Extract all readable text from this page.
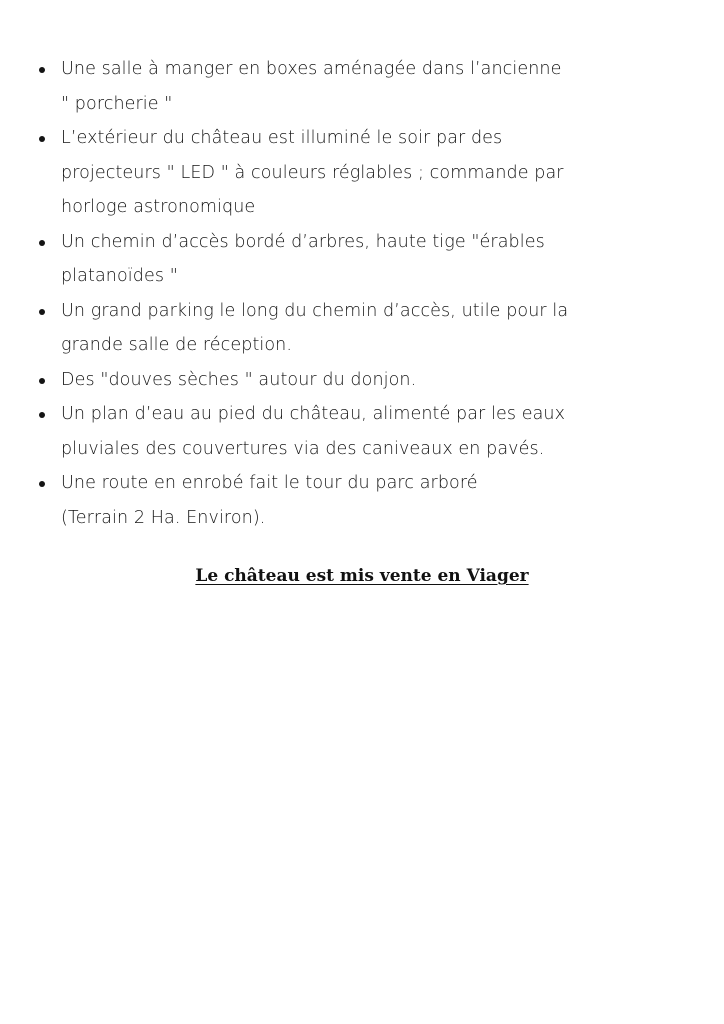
Une salle à manger en boxes aménagée dans l’ancienne
" porcherie "
L’extérieur du château est illuminé le soir par des
projecteurs " LED " à couleurs réglables ; commande par
horloge astronomique
Un chemin d’accès bordé d’arbres, haute tige "érables
platanoïdes "
Un grand parking le long du chemin d’accès, utile pour la
grande salle de réception.
Des "douves sèches " autour du donjon.
Un plan d’eau au pied du château, alimenté par les eaux
pluviales des couvertures via des caniveaux en pavés.
Une route en enrobé fait le tour du parc arboré
(Terrain 2 Ha. Environ).
Le château est mis vente en Viager
